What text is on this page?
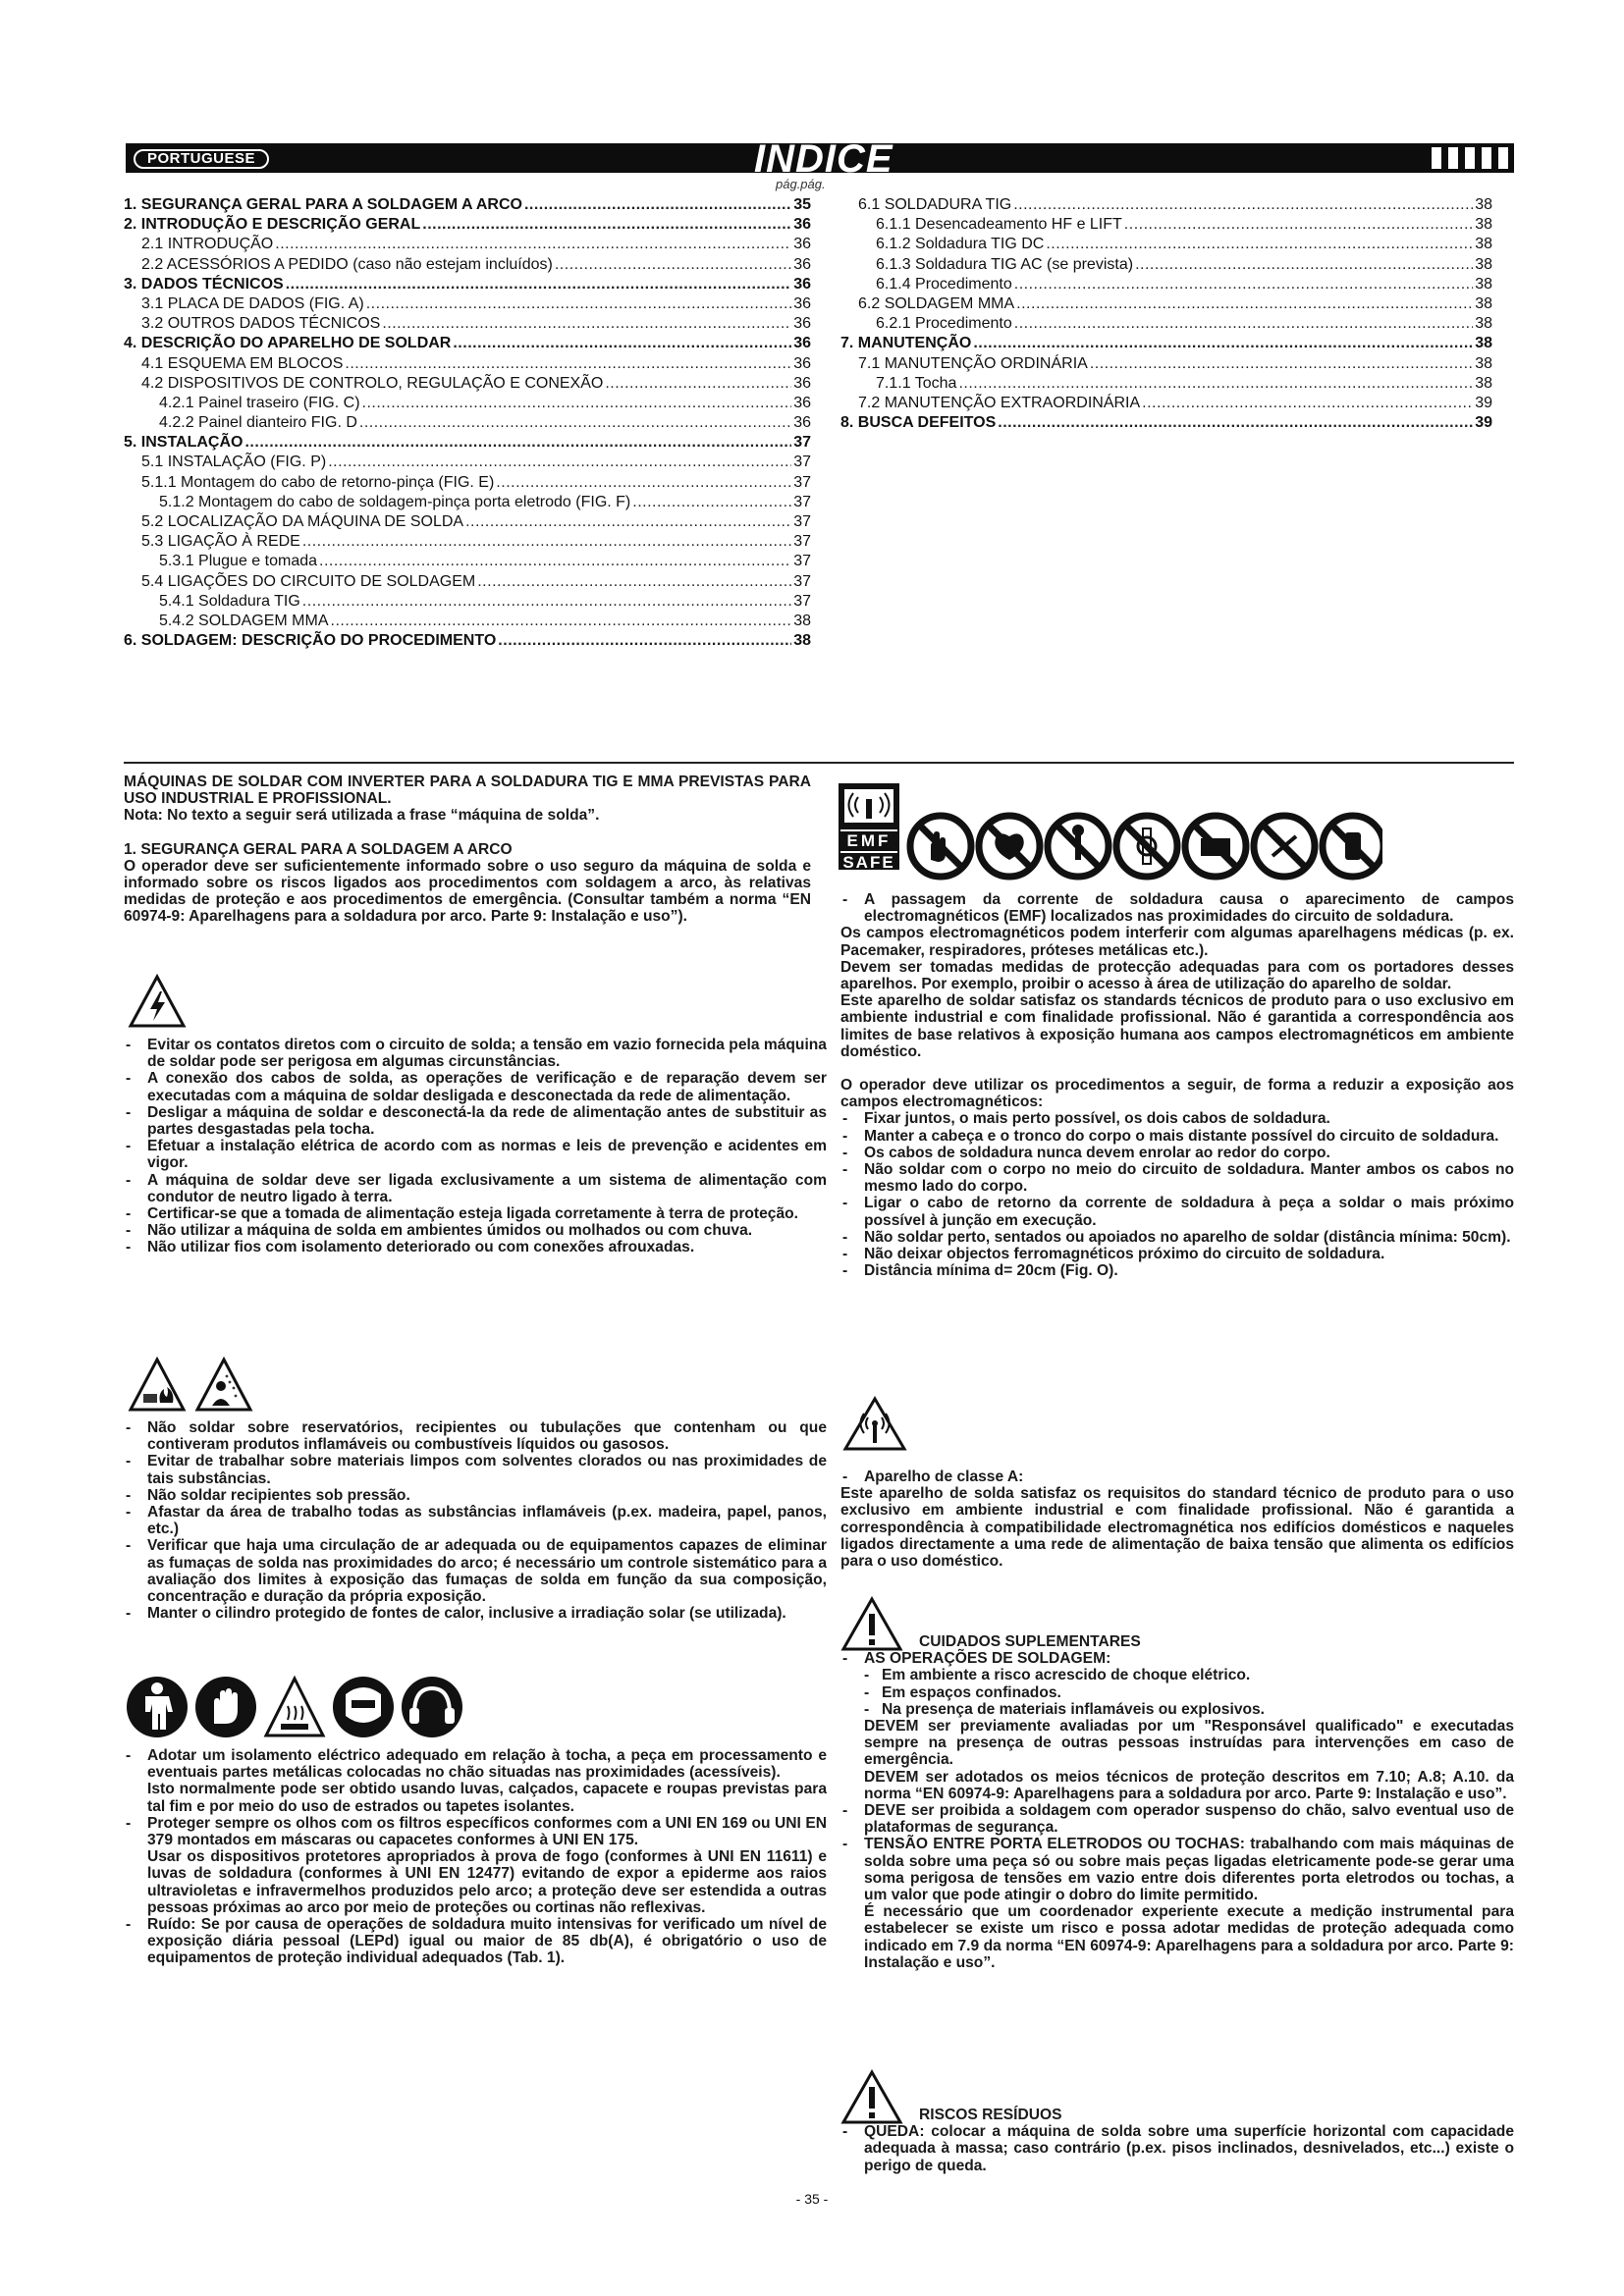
PORTUGUESE	INDICE
pág.pág.
1. SEGURANÇA GERAL PARA A SOLDAGEM A ARCO .....	35
2. INTRODUÇÃO E DESCRIÇÃO GERAL .....	36
2.1 INTRODUÇÃO .....	36
2.2 ACESSÓRIOS A PEDIDO (caso não estejam incluídos) .....	36
3. DADOS TÉCNICOS .....	36
3.1 PLACA DE DADOS (FIG. A) .....	36
3.2 OUTROS DADOS TÉCNICOS .....	36
4. DESCRIÇÃO DO APARELHO DE SOLDAR .....	36
4.1 ESQUEMA EM BLOCOS .....	36
4.2 DISPOSITIVOS DE CONTROLO, REGULAÇÃO E CONEXÃO .....	36
4.2.1 Painel traseiro (FIG. C) .....	36
4.2.2 Painel dianteiro FIG. D .....	36
5. INSTALAÇÃO .....	37
5.1 INSTALAÇÃO (FIG. P) .....	37
5.1.1 Montagem do cabo de retorno-pinça (FIG. E) .....	37
5.1.2 Montagem do cabo de soldagem-pinça porta eletrodo (FIG. F) .....	37
5.2 LOCALIZAÇÃO DA MÁQUINA DE SOLDA .....	37
5.3 LIGAÇÃO À REDE .....	37
5.3.1 Plugue e tomada .....	37
5.4 LIGAÇÕES DO CIRCUITO DE SOLDAGEM .....	37
5.4.1 Soldadura TIG .....	37
5.4.2 SOLDAGEM MMA .....	38
6. SOLDAGEM: DESCRIÇÃO DO PROCEDIMENTO .....	38
6.1 SOLDADURA TIG .....	38
6.1.1 Desencadeamento HF e LIFT .....	38
6.1.2 Soldadura TIG DC .....	38
6.1.3 Soldadura TIG AC (se prevista) .....	38
6.1.4 Procedimento .....	38
6.2 SOLDAGEM MMA .....	38
6.2.1 Procedimento .....	38
7. MANUTENÇÃO .....	38
7.1 MANUTENÇÃO ORDINÁRIA .....	38
7.1.1 Tocha .....	38
7.2 MANUTENÇÃO EXTRAORDINÁRIA .....	39
8. BUSCA DEFEITOS .....	39

MÁQUINAS DE SOLDAR COM INVERTER PARA A SOLDADURA TIG E MMA PREVISTAS PARA USO INDUSTRIAL E PROFISSIONAL.

Nota: No texto a seguir será utilizada a frase “máquina de solda”.

1. SEGURANÇA GERAL PARA A SOLDAGEM A ARCO

O operador deve ser suficientemente informado sobre o uso seguro da máquina de solda e informado sobre os riscos ligados aos procedimentos com soldagem a arco, às relativas medidas de proteção e aos procedimentos de emergência. (Consultar também a norma “EN 60974-9: Aparelhagens para a soldadura por arco. Parte 9: Instalação e uso”).

- Evitar os contatos diretos com o circuito de solda; a tensão em vazio fornecida pela máquina de soldar pode ser perigosa em algumas circunstâncias.
- A conexão dos cabos de solda, as operações de verificação e de reparação devem ser executadas com a máquina de soldar desligada e desconectada da rede de alimentação.
- Desligar a máquina de soldar e desconectá-la da rede de alimentação antes de substituir as partes desgastadas pela tocha.
- Efetuar a instalação elétrica de acordo com as normas e leis de prevenção e acidentes em vigor.
- A máquina de soldar deve ser ligada exclusivamente a um sistema de alimentação com condutor de neutro ligado à terra.
- Certificar-se que a tomada de alimentação esteja ligada corretamente à terra de proteção.
- Não utilizar a máquina de solda em ambientes úmidos ou molhados ou com chuva.
- Não utilizar fios com isolamento deteriorado ou com conexões afrouxadas.
- Não soldar sobre reservatórios, recipientes ou tubulações que contenham ou que contiveram produtos inflamáveis ou combustíveis líquidos ou gasosos.
- Evitar de trabalhar sobre materiais limpos com solventes clorados ou nas proximidades de tais substâncias.
- Não soldar recipientes sob pressão.
- Afastar da área de trabalho todas as substâncias inflamáveis (p.ex. madeira, papel, panos, etc.)
- Verificar que haja uma circulação de ar adequada ou de equipamentos capazes de eliminar as fumaças de solda nas proximidades do arco; é necessário um controle sistemático para a avaliação dos limites à exposição das fumaças de solda em função da sua composição, concentração e duração da própria exposição.
- Manter o cilindro protegido de fontes de calor, inclusive a irradiação solar (se utilizada).
- Adotar um isolamento eléctrico adequado em relação à tocha, a peça em processamento e eventuais partes metálicas colocadas no chão situadas nas proximidades (acessíveis).
Isto normalmente pode ser obtido usando luvas, calçados, capacete e roupas previstas para tal fim e por meio do uso de estrados ou tapetes isolantes.
- Proteger sempre os olhos com os filtros específicos conformes com a UNI EN 169 ou UNI EN 379 montados em máscaras ou capacetes conformes à UNI EN 175.
Usar os dispositivos protetores apropriados à prova de fogo (conformes à UNI EN 11611) e luvas de soldadura (conformes à UNI EN 12477) evitando de expor a epiderme aos raios ultravioletas e infravermelhos produzidos pelo arco; a proteção deve ser estendida a outras pessoas próximas ao arco por meio de proteções ou cortinas não reflexivas.
- Ruído: Se por causa de operações de soldadura muito intensivas for verificado um nível de exposição diária pessoal (LEPd) igual ou maior de 85 db(A), é obrigatório o uso de equipamentos de proteção individual adequados (Tab. 1).
EMF
SAFE
- A passagem da corrente de soldadura causa o aparecimento de campos electromagnéticos (EMF) localizados nas proximidades do circuito de soldadura.

Os campos electromagnéticos podem interferir com algumas aparelhagens médicas (p. ex. Pacemaker, respiradores, próteses metálicas etc.).

Devem ser tomadas medidas de protecção adequadas para com os portadores desses aparelhos. Por exemplo, proibir o acesso à área de utilização do aparelho de soldar.

Este aparelho de soldar satisfaz os standards técnicos de produto para o uso exclusivo em ambiente industrial e com finalidade profissional. Não é garantida a correspondência aos limites de base relativos à exposição humana aos campos electromagnéticos em ambiente doméstico.

O operador deve utilizar os procedimentos a seguir, de forma a reduzir a exposição aos campos electromagnéticos:

- Fixar juntos, o mais perto possível, os dois cabos de soldadura.
- Manter a cabeça e o tronco do corpo o mais distante possível do circuito de soldadura.
- Os cabos de soldadura nunca devem enrolar ao redor do corpo.
- Não soldar com o corpo no meio do circuito de soldadura. Manter ambos os cabos no mesmo lado do corpo.
- Ligar o cabo de retorno da corrente de soldadura à peça a soldar o mais próximo possível à junção em execução.
- Não soldar perto, sentados ou apoiados no aparelho de soldar (distância mínima: 50cm).
- Não deixar objectos ferromagnéticos próximo do circuito de soldadura.
- Distância mínima d= 20cm (Fig. O).
- Aparelho de classe A:

Este aparelho de solda satisfaz os requisitos do standard técnico de produto para o uso exclusivo em ambiente industrial e com finalidade profissional. Não é garantida a correspondência à compatibilidade electromagnética nos edifícios domésticos e naqueles ligados directamente a uma rede de alimentação de baixa tensão que alimenta os edifícios para o uso doméstico.

CUIDADOS SUPLEMENTARES

- AS OPERAÇÕES DE SOLDAGEM:
- Em ambiente a risco acrescido de choque elétrico.
- Em espaços confinados.
- Na presença de materiais inflamáveis ou explosivos.

DEVEM ser previamente avaliadas por um "Responsável qualificado" e executadas sempre na presença de outras pessoas instruídas para intervenções em caso de emergência.

DEVEM ser adotados os meios técnicos de proteção descritos em 7.10; A.8; A.10. da norma “EN 60974-9: Aparelhagens para a soldadura por arco. Parte 9: Instalação e uso”.

- DEVE ser proibida a soldagem com operador suspenso do chão, salvo eventual uso de plataformas de segurança.
- TENSÃO ENTRE PORTA ELETRODOS OU TOCHAS: trabalhando com mais máquinas de solda sobre uma peça só ou sobre mais peças ligadas eletricamente pode-se gerar uma soma perigosa de tensões em vazio entre dois diferentes porta eletrodos ou tochas, a um valor que pode atingir o dobro do limite permitido.
É necessário que um coordenador experiente execute a medição instrumental para estabelecer se existe um risco e possa adotar medidas de proteção adequada como indicado em 7.9 da norma “EN 60974-9: Aparelhagens para a soldadura por arco. Parte 9: Instalação e uso”.

RISCOS RESÍDUOS

- QUEDA: colocar a máquina de solda sobre uma superfície horizontal com capacidade adequada à massa; caso contrário (p.ex. pisos inclinados, desnivelados, etc...) existe o perigo de queda.
- 35 -
